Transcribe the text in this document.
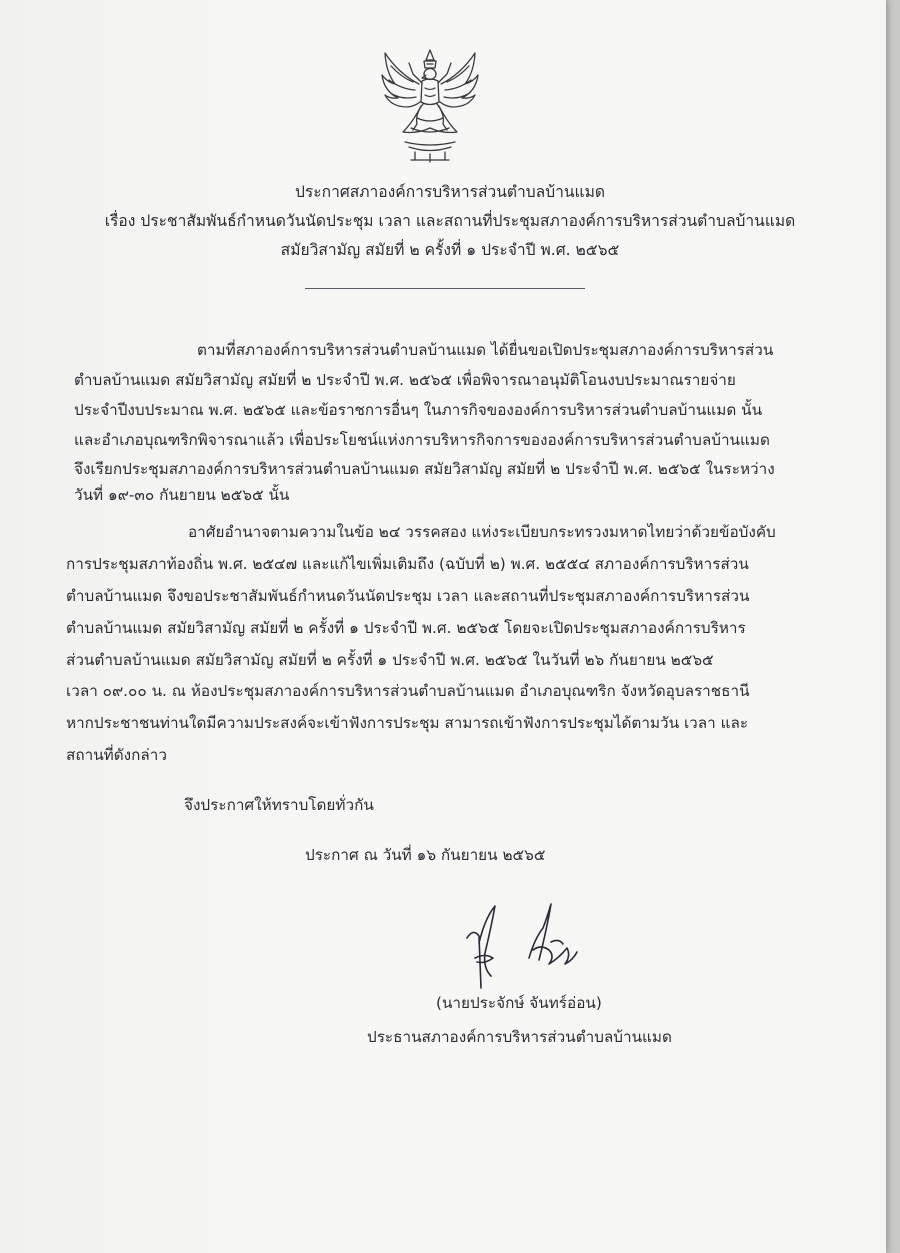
ประกาศสภาองค์การบริหารส่วนตำบลบ้านแมด

เรื่อง ประชาสัมพันธ์กำหนดวันนัดประชุม เวลา และสถานที่ประชุมสภาองค์การบริหารส่วนตำบลบ้านแมด

สมัยวิสามัญ สมัยที่ ๒ ครั้งที่ ๑ ประจำปี พ.ศ. ๒๕๖๕

ตามที่สภาองค์การบริหารส่วนตำบลบ้านแมด ได้ยื่นขอเปิดประชุมสภาองค์การบริหารส่วน

ตำบลบ้านแมด สมัยวิสามัญ สมัยที่ ๒ ประจำปี พ.ศ. ๒๕๖๕ เพื่อพิจารณาอนุมัติโอนงบประมาณรายจ่าย

ประจำปีงบประมาณ พ.ศ. ๒๕๖๕ และข้อราชการอื่นๆ ในภารกิจขององค์การบริหารส่วนตำบลบ้านแมด นั้น

และอำเภอบุณฑริกพิจารณาแล้ว เพื่อประโยชน์แห่งการบริหารกิจการขององค์การบริหารส่วนตำบลบ้านแมด

จึงเรียกประชุมสภาองค์การบริหารส่วนตำบลบ้านแมด สมัยวิสามัญ สมัยที่ ๒ ประจำปี พ.ศ. ๒๕๖๕ ในระหว่าง

วันที่ ๑๙-๓๐ กันยายน ๒๕๖๕ นั้น

อาศัยอำนาจตามความในข้อ ๒๔ วรรคสอง แห่งระเบียบกระทรวงมหาดไทยว่าด้วยข้อบังคับ

การประชุมสภาท้องถิ่น พ.ศ. ๒๕๔๗ และแก้ไขเพิ่มเติมถึง (ฉบับที่ ๒) พ.ศ. ๒๕๕๔ สภาองค์การบริหารส่วน

ตำบลบ้านแมด จึงขอประชาสัมพันธ์กำหนดวันนัดประชุม เวลา และสถานที่ประชุมสภาองค์การบริหารส่วน

ตำบลบ้านแมด สมัยวิสามัญ สมัยที่ ๒ ครั้งที่ ๑ ประจำปี พ.ศ. ๒๕๖๕ โดยจะเปิดประชุมสภาองค์การบริหาร

ส่วนตำบลบ้านแมด สมัยวิสามัญ สมัยที่ ๒ ครั้งที่ ๑ ประจำปี พ.ศ. ๒๕๖๕ ในวันที่ ๒๖ กันยายน ๒๕๖๕

เวลา ๐๙.๐๐ น. ณ ห้องประชุมสภาองค์การบริหารส่วนตำบลบ้านแมด อำเภอบุณฑริก จังหวัดอุบลราชธานี

หากประชาชนท่านใดมีความประสงค์จะเข้าฟังการประชุม สามารถเข้าฟังการประชุมได้ตามวัน เวลา และ

สถานที่ดังกล่าว

จึงประกาศให้ทราบโดยทั่วกัน

ประกาศ ณ วันที่ ๑๖ กันยายน ๒๕๖๕

(นายประจักษ์ จันทร์อ่อน)

ประธานสภาองค์การบริหารส่วนตำบลบ้านแมด
